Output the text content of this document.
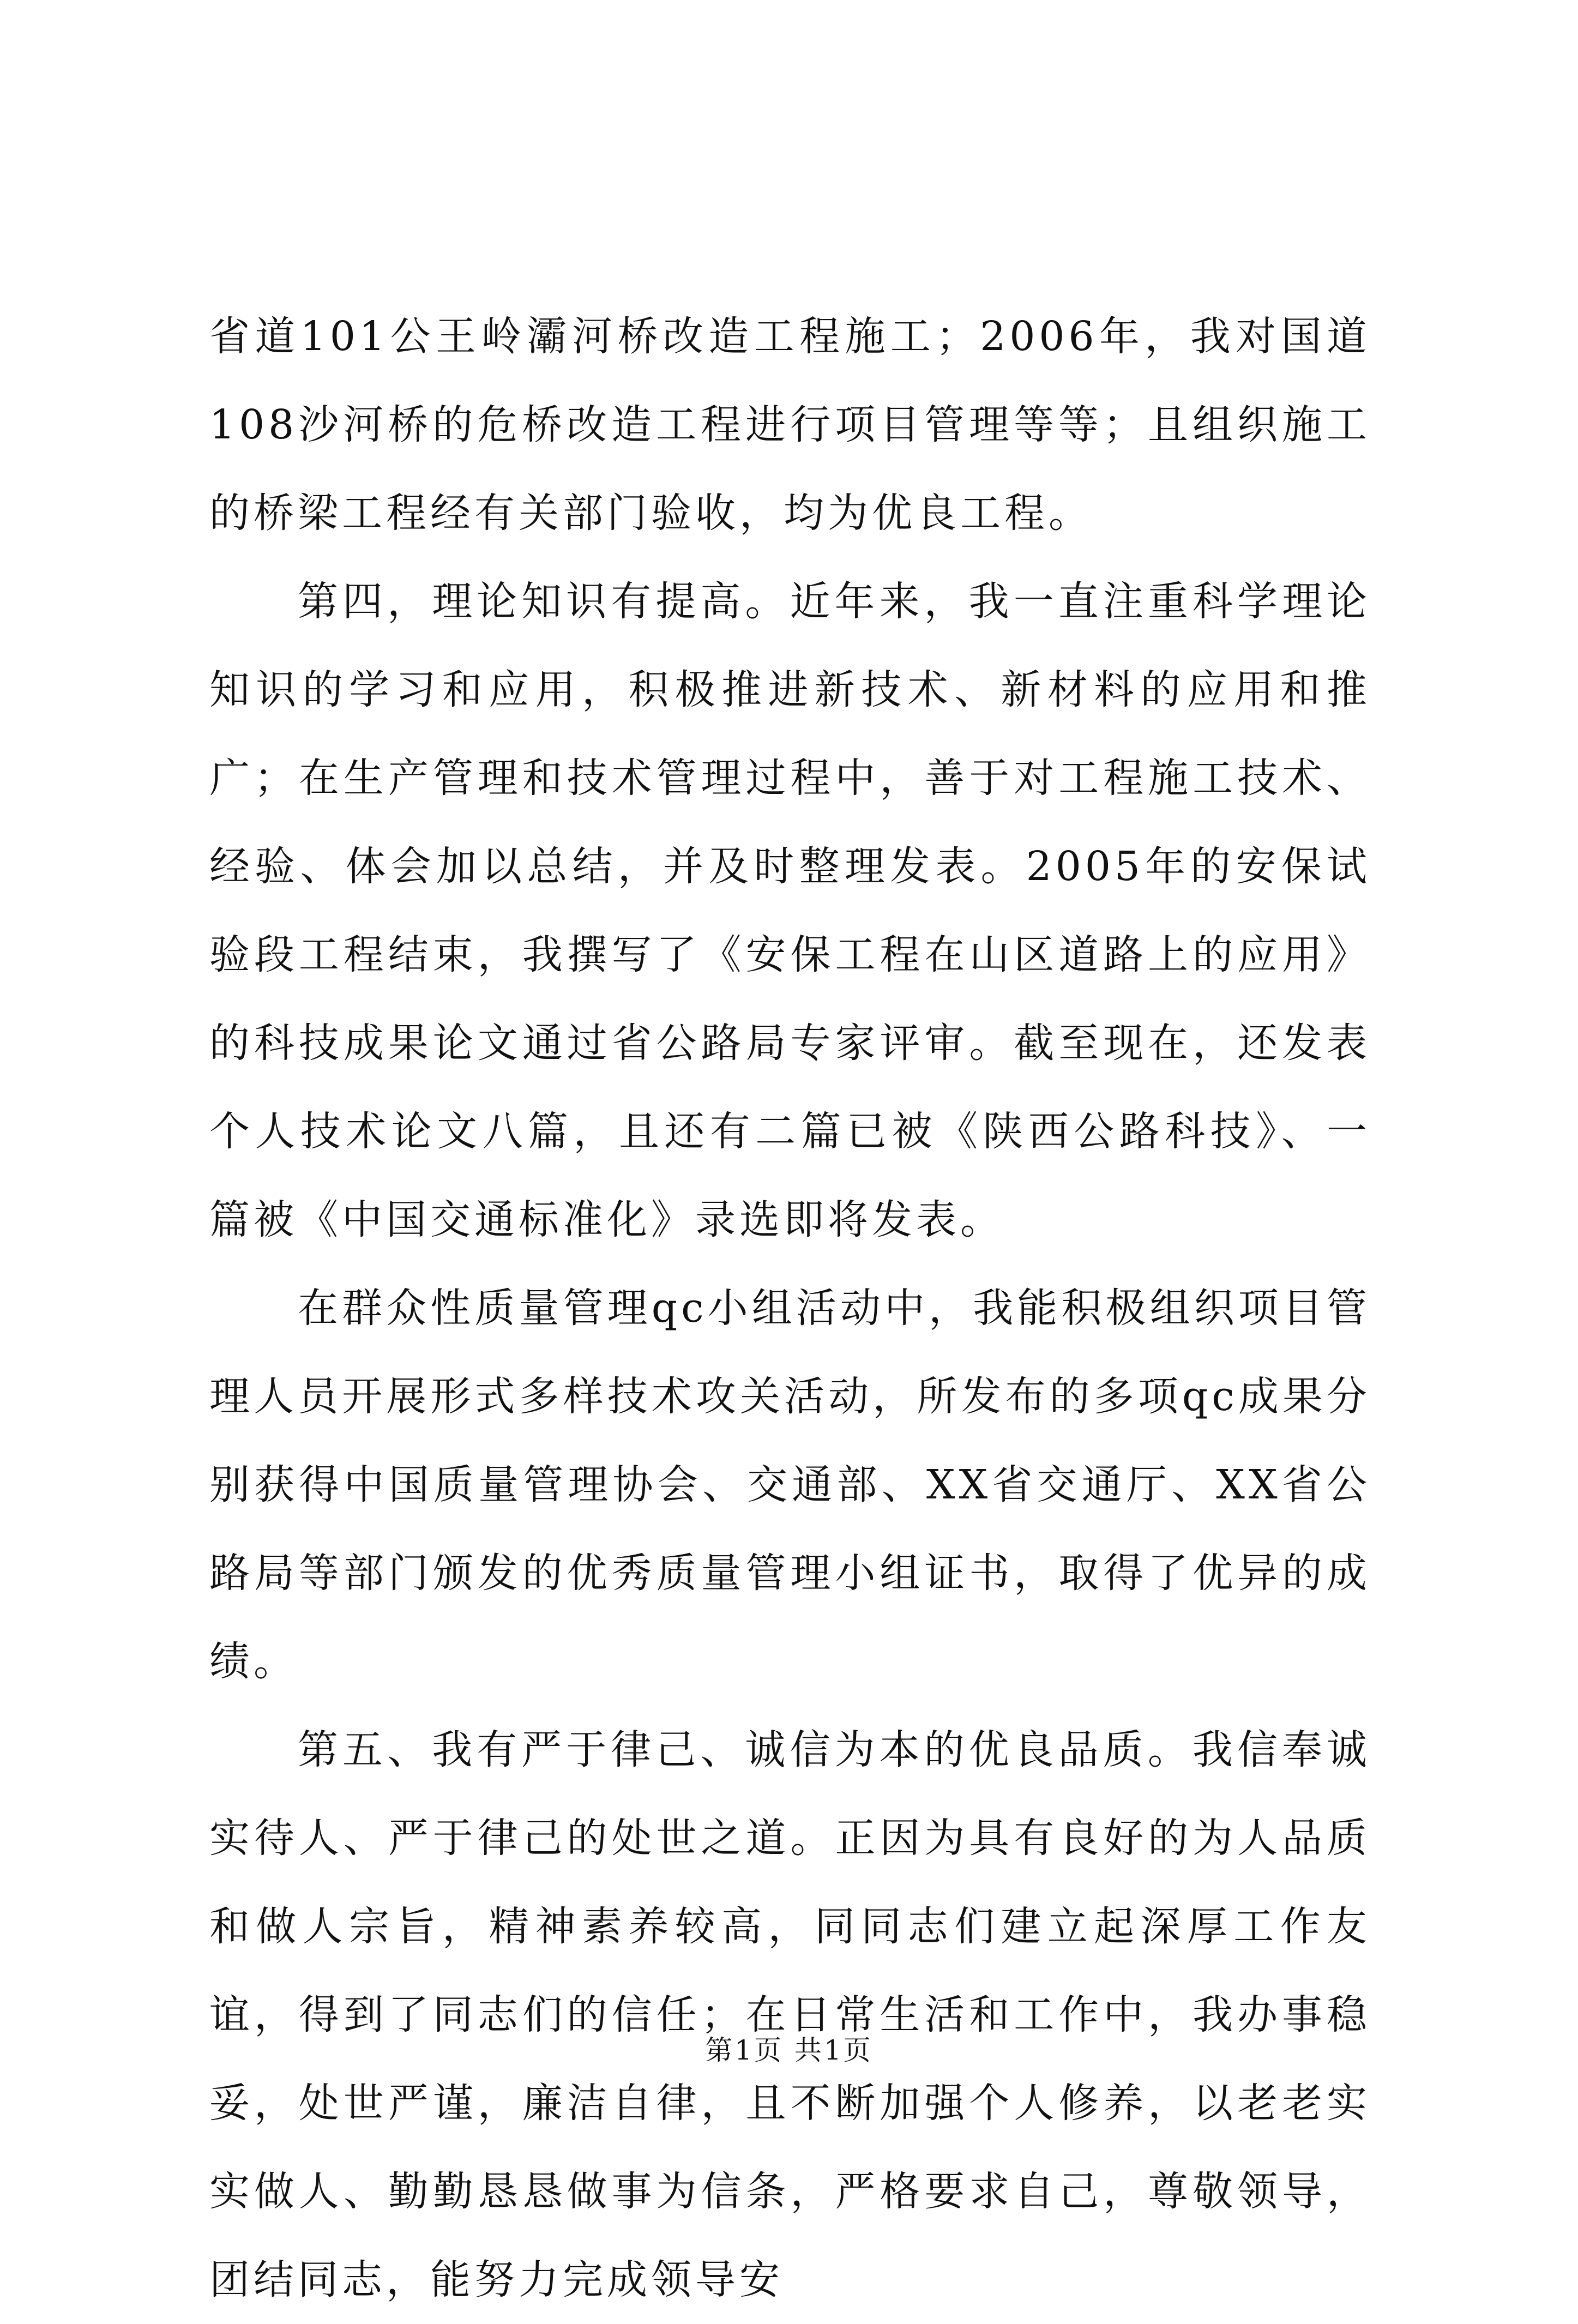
省道101公王岭灞河桥改造工程施工；2006年，我对国道108沙河桥的危桥改造工程进行项目管理等等；且组织施工的桥梁工程经有关部门验收，均为优良工程。

第四，理论知识有提高。近年来，我一直注重科学理论知识的学习和应用，积极推进新技术、新材料的应用和推广；在生产管理和技术管理过程中，善于对工程施工技术、经验、体会加以总结，并及时整理发表。2005年的安保试验段工程结束，我撰写了《安保工程在山区道路上的应用》的科技成果论文通过省公路局专家评审。截至现在，还发表个人技术论文八篇，且还有二篇已被《陕西公路科技》、一篇被《中国交通标准化》录选即将发表。

在群众性质量管理qc小组活动中，我能积极组织项目管理人员开展形式多样技术攻关活动，所发布的多项qc成果分别获得中国质量管理协会、交通部、XX省交通厅、XX省公路局等部门颁发的优秀质量管理小组证书，取得了优异的成绩。

第五、我有严于律己、诚信为本的优良品质。我信奉诚实待人、严于律己的处世之道。正因为具有良好的为人品质和做人宗旨，精神素养较高，同同志们建立起深厚工作友谊，得到了同志们的信任；在日常生活和工作中，我办事稳妥，处世严谨，廉洁自律，且不断加强个人修养，以老老实实做人、勤勤恳恳做事为信条，严格要求自己，尊敬领导，团结同志，能努力完成领导安

第1页 共1页
